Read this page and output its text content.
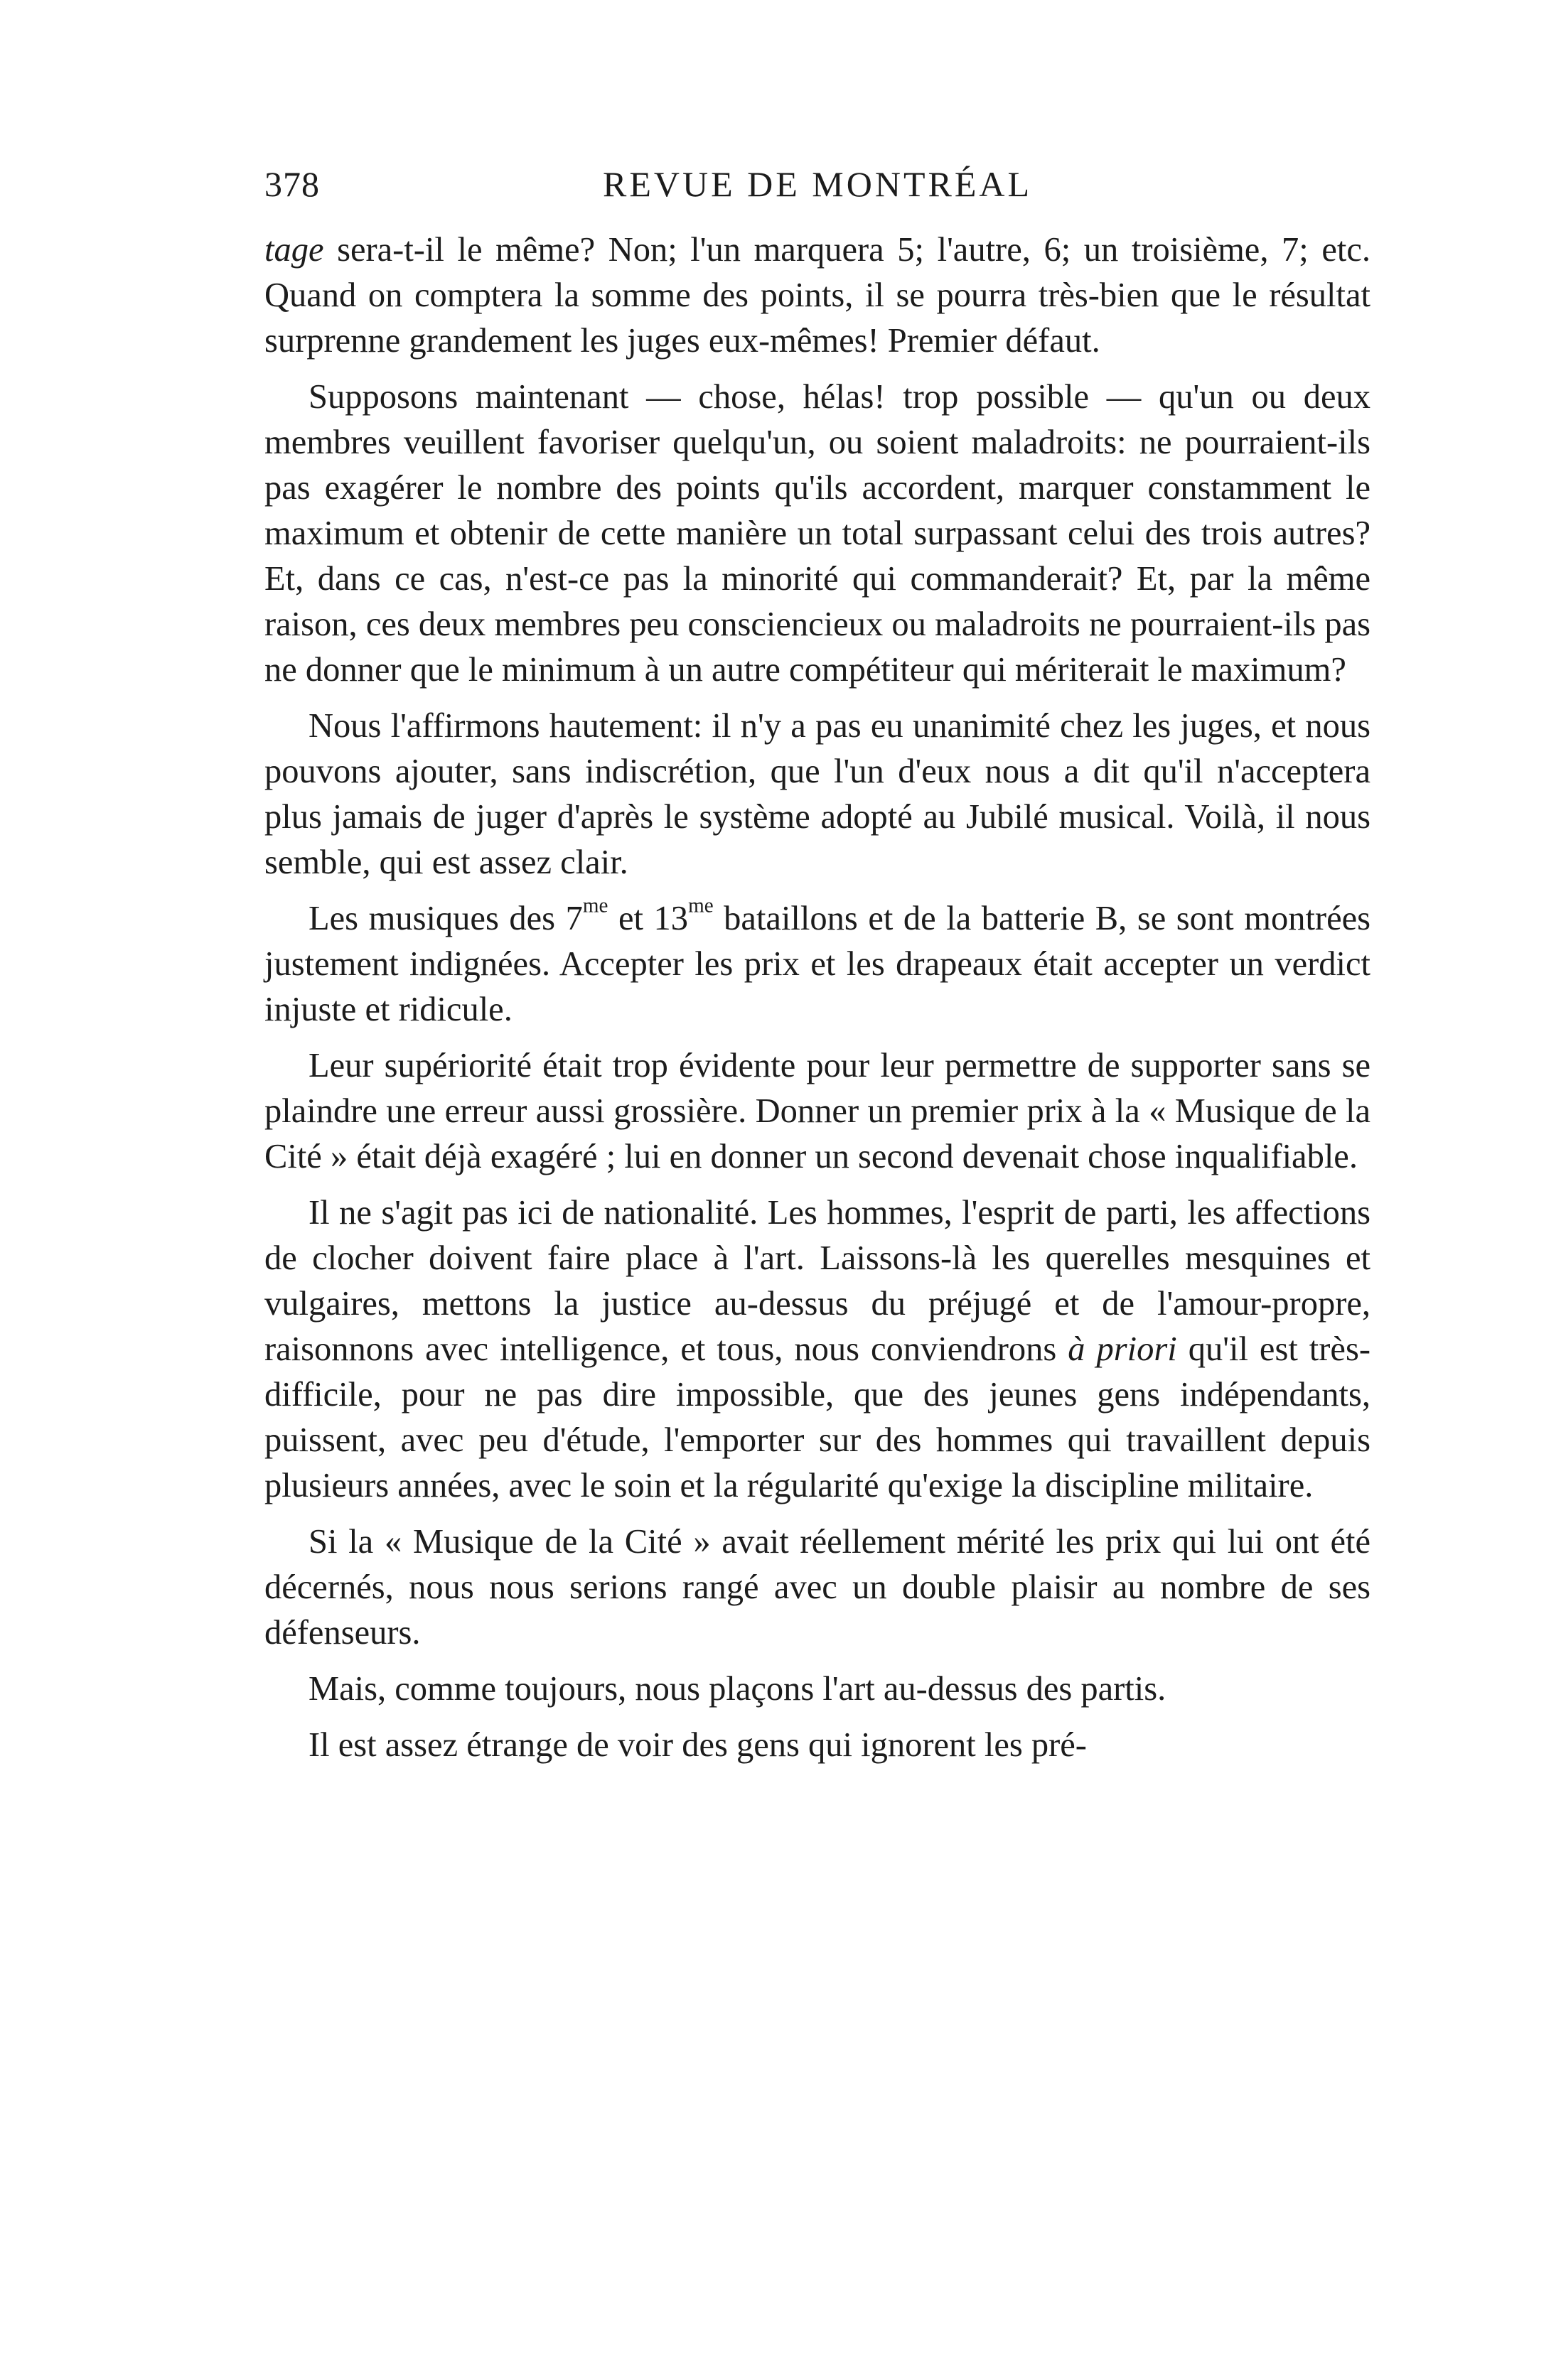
378	REVUE DE MONTRÉAL

tage sera-t-il le même? Non; l'un marquera 5; l'autre, 6; un troisième, 7; etc. Quand on comptera la somme des points, il se pourra très-bien que le résultat surprenne grandement les juges eux-mêmes! Premier défaut.

Supposons maintenant — chose, hélas! trop possible — qu'un ou deux membres veuillent favoriser quelqu'un, ou soient maladroits: ne pourraient-ils pas exagérer le nombre des points qu'ils accordent, marquer constamment le maximum et obtenir de cette manière un total surpassant celui des trois autres? Et, dans ce cas, n'est-ce pas la minorité qui commanderait? Et, par la même raison, ces deux membres peu consciencieux ou maladroits ne pourraient-ils pas ne donner que le minimum à un autre compétiteur qui mériterait le maximum?

Nous l'affirmons hautement: il n'y a pas eu unanimité chez les juges, et nous pouvons ajouter, sans indiscrétion, que l'un d'eux nous a dit qu'il n'acceptera plus jamais de juger d'après le système adopté au Jubilé musical. Voilà, il nous semble, qui est assez clair.

Les musiques des $7^{me}$ et $13^{me}$ bataillons et de la batterie B, se sont montrées justement indignées. Accepter les prix et les drapeaux était accepter un verdict injuste et ridicule.

Leur supériorité était trop évidente pour leur permettre de supporter sans se plaindre une erreur aussi grossière. Donner un premier prix à la « Musique de la Cité » était déjà exagéré ; lui en donner un second devenait chose inqualifiable.

Il ne s'agit pas ici de nationalité. Les hommes, l'esprit de parti, les affections de clocher doivent faire place à l'art. Laissons-là les querelles mesquines et vulgaires, mettons la justice au-dessus du préjugé et de l'amour-propre, raisonnons avec intelligence, et tous, nous conviendrons à priori qu'il est très-difficile, pour ne pas dire impossible, que des jeunes gens indépendants, puissent, avec peu d'étude, l'emporter sur des hommes qui travaillent depuis plusieurs années, avec le soin et la régularité qu'exige la discipline militaire.

Si la « Musique de la Cité » avait réellement mérité les prix qui lui ont été décernés, nous nous serions rangé avec un double plaisir au nombre de ses défenseurs.

Mais, comme toujours, nous plaçons l'art au-dessus des partis.

Il est assez étrange de voir des gens qui ignorent les pré-
